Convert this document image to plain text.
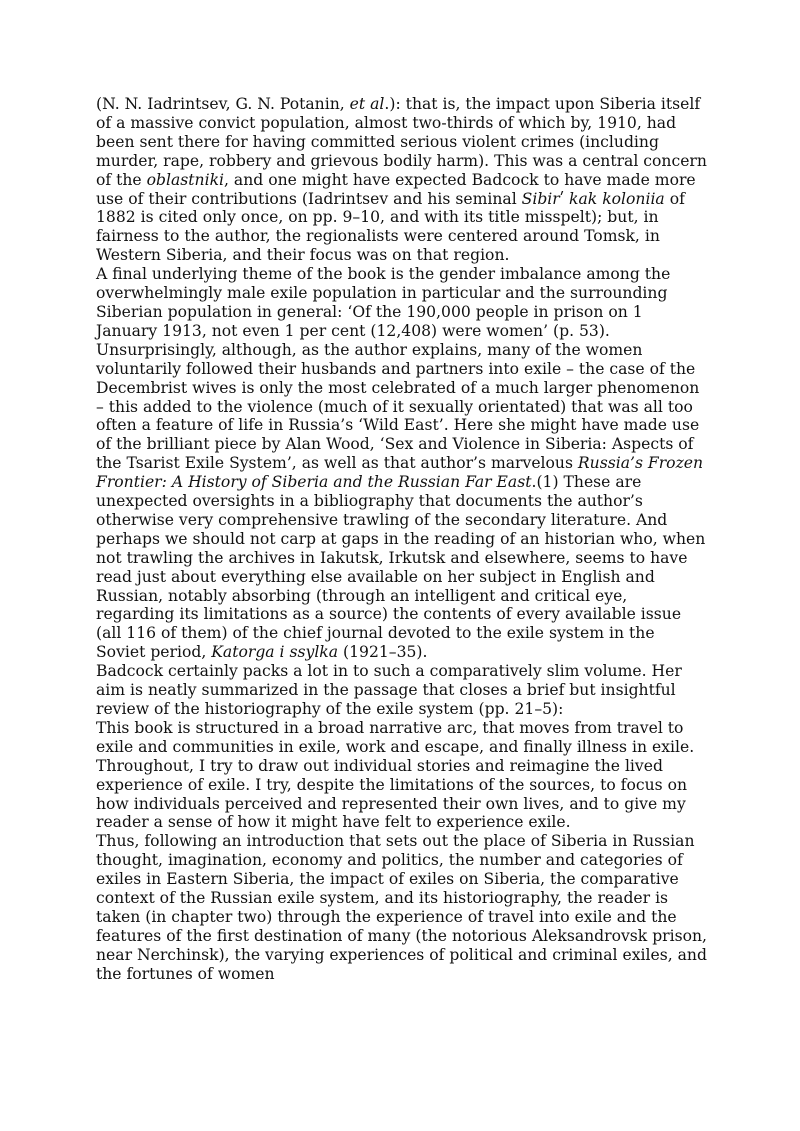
(N. N. Iadrintsev, G. N. Potanin, et al.): that is, the impact upon Siberia itself of a massive convict population, almost two-thirds of which by, 1910, had been sent there for having committed serious violent crimes (including murder, rape, robbery and grievous bodily harm). This was a central concern of the oblastniki, and one might have expected Badcock to have made more use of their contributions (Iadrintsev and his seminal Sibirʹ kak koloniia of 1882 is cited only once, on pp. 9–10, and with its title misspelt); but, in fairness to the author, the regionalists were centered around Tomsk, in Western Siberia, and their focus was on that region.

A final underlying theme of the book is the gender imbalance among the overwhelmingly male exile population in particular and the surrounding Siberian population in general: ‘Of the 190,000 people in prison on 1 January 1913, not even 1 per cent (12,408) were women’ (p. 53). Unsurprisingly, although, as the author explains, many of the women voluntarily followed their husbands and partners into exile – the case of the Decembrist wives is only the most celebrated of a much larger phenomenon – this added to the violence (much of it sexually orientated) that was all too often a feature of life in Russia’s ‘Wild East’. Here she might have made use of the brilliant piece by Alan Wood, ‘Sex and Violence in Siberia: Aspects of the Tsarist Exile System’, as well as that author’s marvelous Russia’s Frozen Frontier: A History of Siberia and the Russian Far East.(1) These are unexpected oversights in a bibliography that documents the author’s otherwise very comprehensive trawling of the secondary literature. And perhaps we should not carp at gaps in the reading of an historian who, when not trawling the archives in Iakutsk, Irkutsk and elsewhere, seems to have read just about everything else available on her subject in English and Russian, notably absorbing (through an intelligent and critical eye, regarding its limitations as a source) the contents of every available issue (all 116 of them) of the chief journal devoted to the exile system in the Soviet period, Katorga i ssylka (1921–35).

Badcock certainly packs a lot in to such a comparatively slim volume. Her aim is neatly summarized in the passage that closes a brief but insightful review of the historiography of the exile system (pp. 21–5):

This book is structured in a broad narrative arc, that moves from travel to exile and communities in exile, work and escape, and finally illness in exile. Throughout, I try to draw out individual stories and reimagine the lived experience of exile. I try, despite the limitations of the sources, to focus on how individuals perceived and represented their own lives, and to give my reader a sense of how it might have felt to experience exile.

Thus, following an introduction that sets out the place of Siberia in Russian thought, imagination, economy and politics, the number and categories of exiles in Eastern Siberia, the impact of exiles on Siberia, the comparative context of the Russian exile system, and its historiography, the reader is taken (in chapter two) through the experience of travel into exile and the features of the first destination of many (the notorious Aleksandrovsk prison, near Nerchinsk), the varying experiences of political and criminal exiles, and the fortunes of women
